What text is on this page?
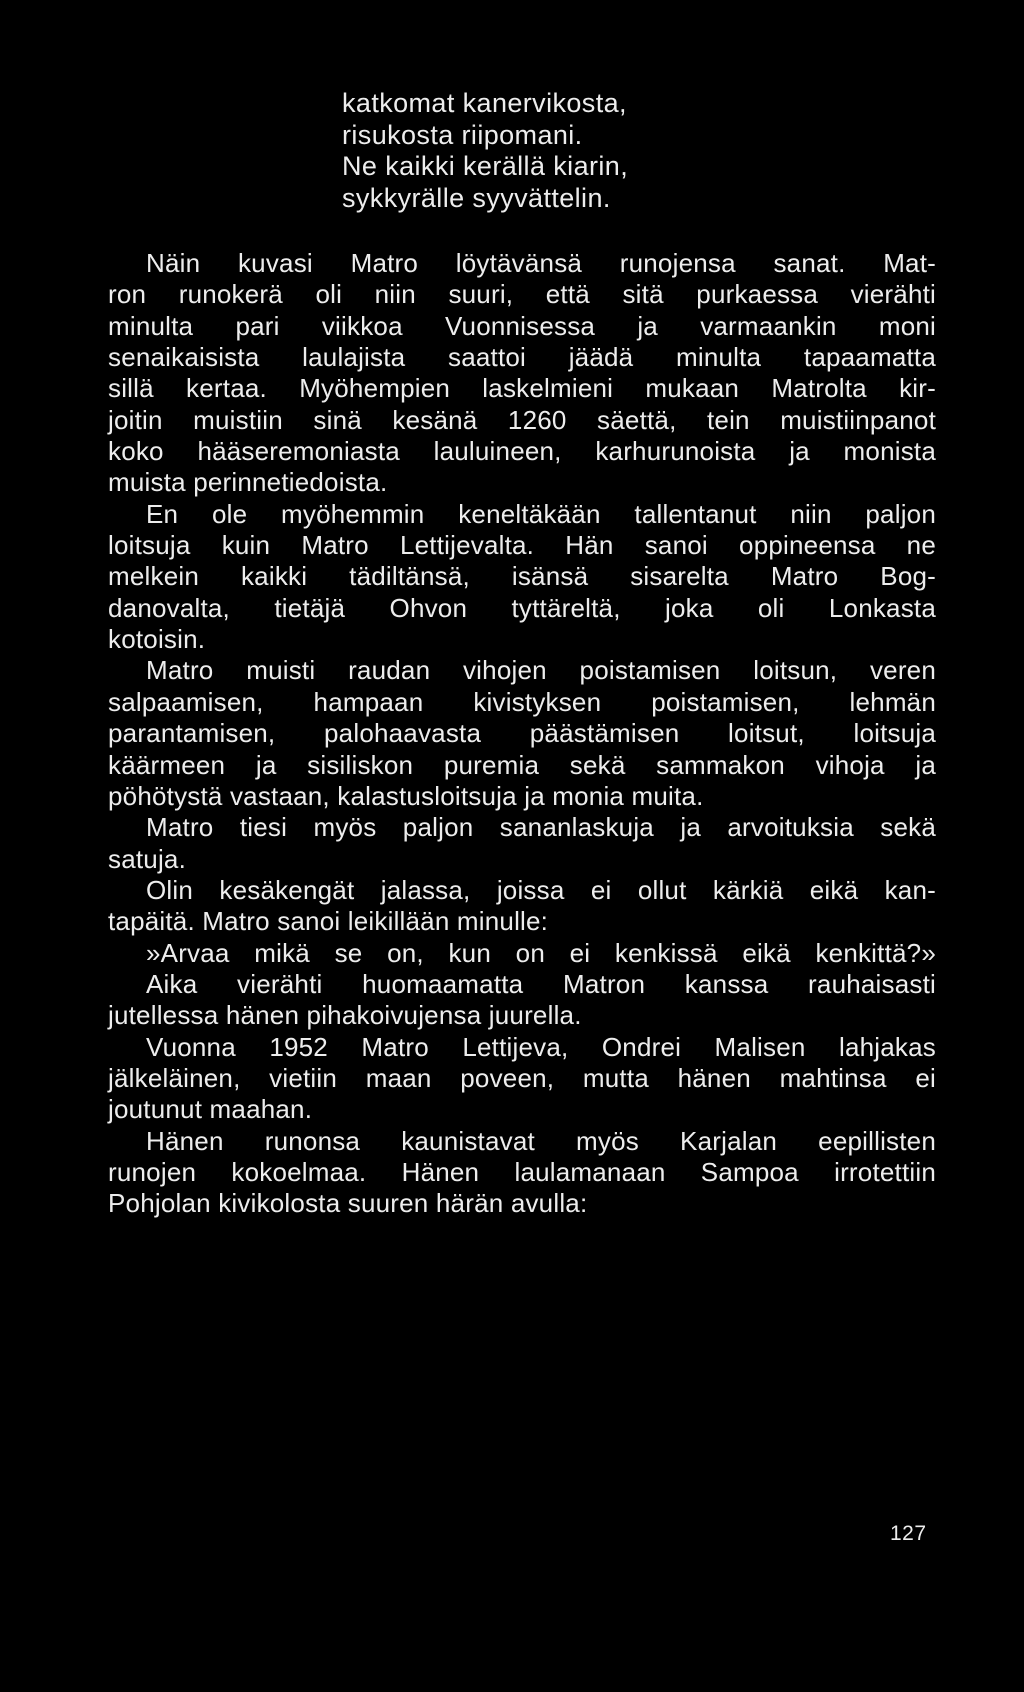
katkomat kanervikosta,
risukosta riipomani.
Ne kaikki kerällä kiarin,
sykkyrälle syyvättelin.
Näin kuvasi Matro löytävänsä runojensa sanat. Mat-
ron runokerä oli niin suuri, että sitä purkaessa vierähti
minulta pari viikkoa Vuonnisessa ja varmaankin moni
senaikaisista laulajista saattoi jäädä minulta tapaamatta
sillä kertaa. Myöhempien laskelmieni mukaan Matrolta kir-
joitin muistiin sinä kesänä 1260 säettä, tein muistiinpanot
koko hääseremoniasta lauluineen, karhurunoista ja monista
muista perinnetiedoista.
En ole myöhemmin keneltäkään tallentanut niin paljon
loitsuja kuin Matro Lettijevalta. Hän sanoi oppineensa ne
melkein kaikki tädiltänsä, isänsä sisarelta Matro Bog-
danovalta, tietäjä Ohvon tyttäreltä, joka oli Lonkasta
kotoisin.
Matro muisti raudan vihojen poistamisen loitsun, veren
salpaamisen, hampaan kivistyksen poistamisen, lehmän
parantamisen, palohaavasta päästämisen loitsut, loitsuja
käärmeen ja sisiliskon puremia sekä sammakon vihoja ja
pöhötystä vastaan, kalastusloitsuja ja monia muita.
Matro tiesi myös paljon sananlaskuja ja arvoituksia sekä
satuja.
Olin kesäkengät jalassa, joissa ei ollut kärkiä eikä kan-
tapäitä. Matro sanoi leikillään minulle:
»Arvaa mikä se on, kun on ei kenkissä eikä kenkittä?»
Aika vierähti huomaamatta Matron kanssa rauhaisasti
jutellessa hänen pihakoivujensa juurella.
Vuonna 1952 Matro Lettijeva, Ondrei Malisen lahjakas
jälkeläinen, vietiin maan poveen, mutta hänen mahtinsa ei
joutunut maahan.
Hänen runonsa kaunistavat myös Karjalan eepillisten
runojen kokoelmaa. Hänen laulamanaan Sampoa irrotettiin
Pohjolan kivikolosta suuren härän avulla:
127
